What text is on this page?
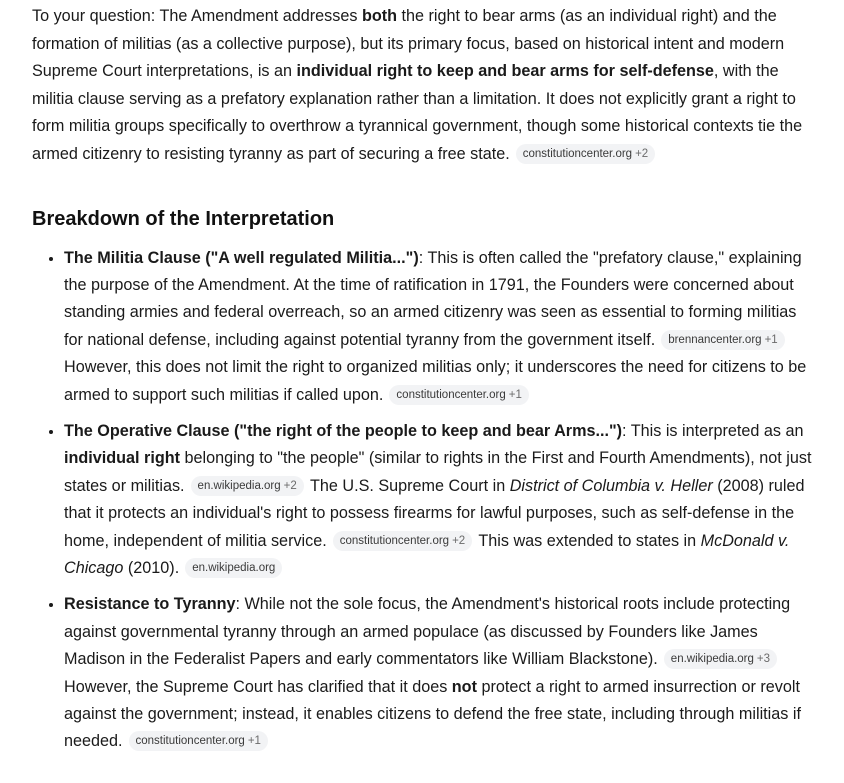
To your question: The Amendment addresses both the right to bear arms (as an individual right) and the formation of militias (as a collective purpose), but its primary focus, based on historical intent and modern Supreme Court interpretations, is an individual right to keep and bear arms for self-defense, with the militia clause serving as a prefatory explanation rather than a limitation. It does not explicitly grant a right to form militia groups specifically to overthrow a tyrannical government, though some historical contexts tie the armed citizenry to resisting tyranny as part of securing a free state. constitutioncenter.org +2

Breakdown of the Interpretation
• The Militia Clause ("A well regulated Militia..."): This is often called the "prefatory clause," explaining the purpose of the Amendment. At the time of ratification in 1791, the Founders were concerned about standing armies and federal overreach, so an armed citizenry was seen as essential to forming militias for national defense, including against potential tyranny from the government itself. brennancenter.org +1 However, this does not limit the right to organized militias only; it underscores the need for citizens to be armed to support such militias if called upon. constitutioncenter.org +1
• The Operative Clause ("the right of the people to keep and bear Arms..."): This is interpreted as an individual right belonging to "the people" (similar to rights in the First and Fourth Amendments), not just states or militias. en.wikipedia.org +2 The U.S. Supreme Court in District of Columbia v. Heller (2008) ruled that it protects an individual's right to possess firearms for lawful purposes, such as self-defense in the home, independent of militia service. constitutioncenter.org +2 This was extended to states in McDonald v. Chicago (2010). en.wikipedia.org
• Resistance to Tyranny: While not the sole focus, the Amendment's historical roots include protecting against governmental tyranny through an armed populace (as discussed by Founders like James Madison in the Federalist Papers and early commentators like William Blackstone). en.wikipedia.org +3 However, the Supreme Court has clarified that it does not protect a right to armed insurrection or revolt against the government; instead, it enables citizens to defend the free state, including through militias if needed. constitutioncenter.org +1
